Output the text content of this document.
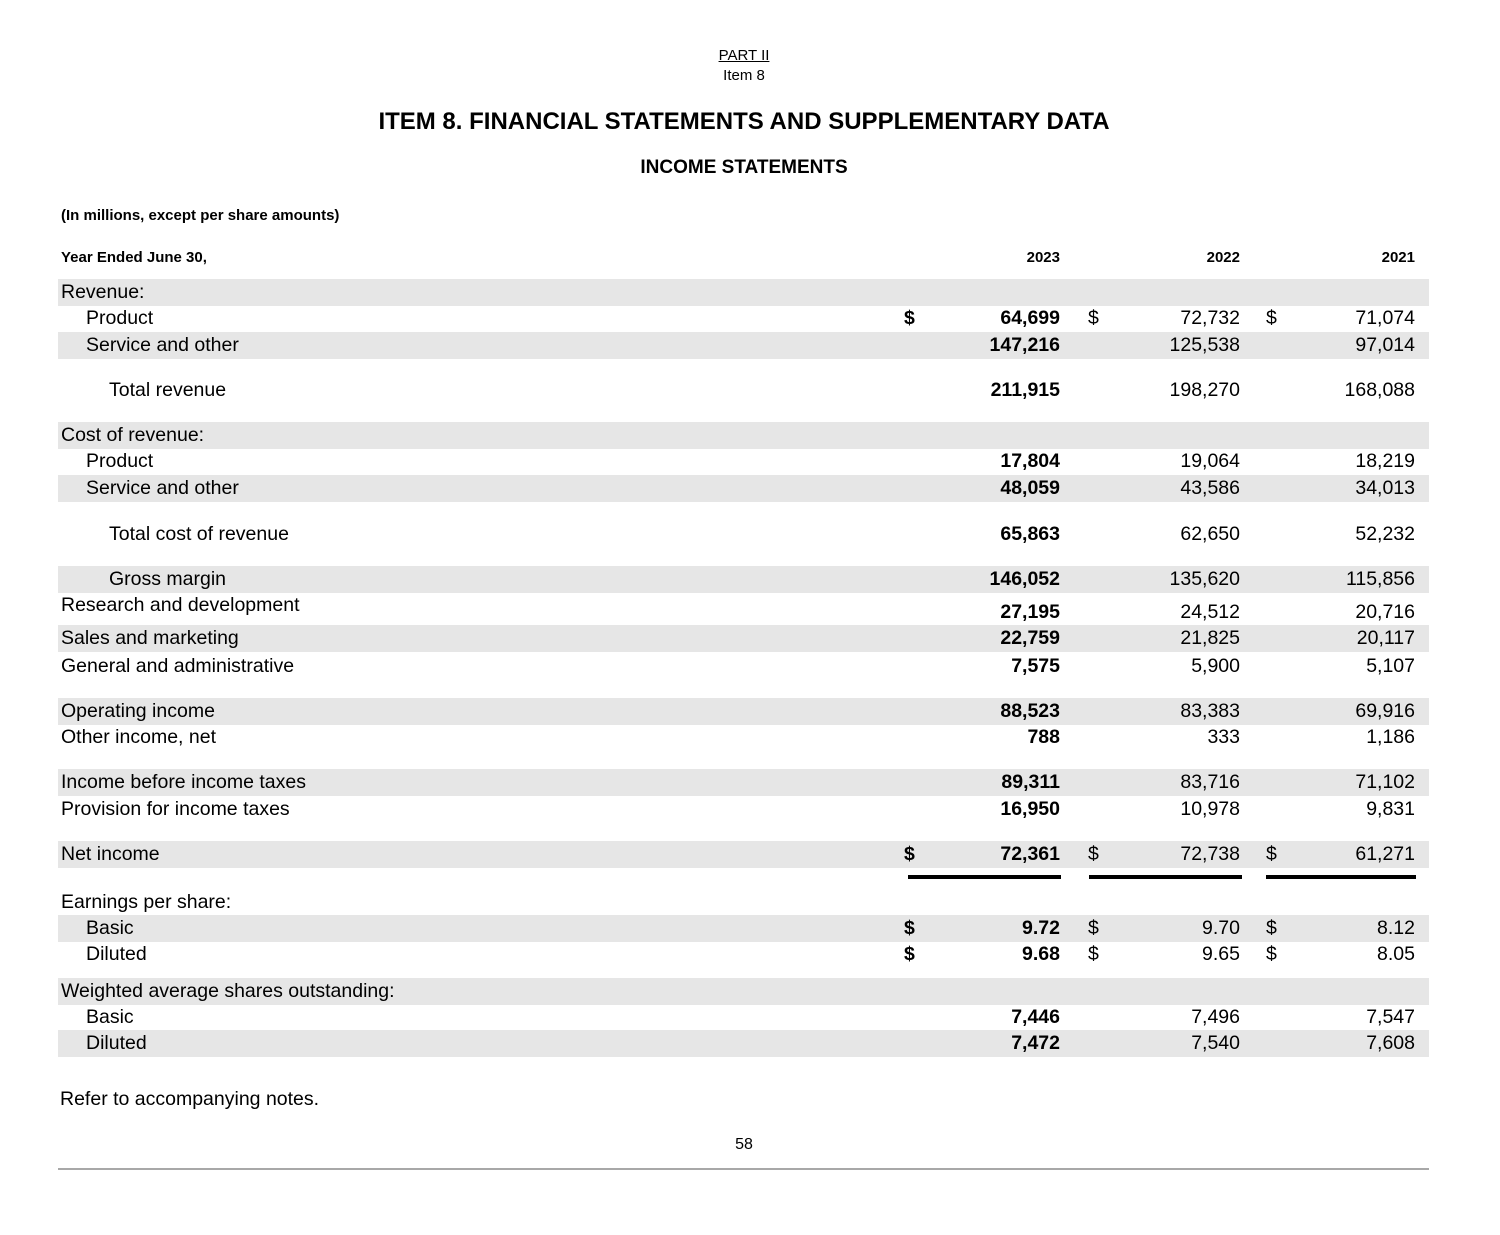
PART II
Item 8
ITEM 8. FINANCIAL STATEMENTS AND SUPPLEMENTARY DATA
INCOME STATEMENTS
(In millions, except per share amounts)
Year Ended June 30,	2023	2022	2021
Revenue:
Product	$	64,699 $	72,732 $	71,074
Service and other	147,216	125,538	97,014
Total revenue	211,915	198,270	168,088
Cost of revenue:
Product	17,804	19,064	18,219
Service and other	48,059	43,586	34,013
Total cost of revenue	65,863	62,650	52,232
Gross margin	146,052	135,620	115,856
Research and development	27,195	24,512	20,716
Sales and marketing	22,759	21,825	20,117
General and administrative	7,575	5,900	5,107
Operating income	88,523	83,383	69,916
Other income, net	788	333	1,186
Income before income taxes	89,311	83,716	71,102
Provision for income taxes	16,950	10,978	9,831
Net income	$	72,361 $	72,738 $	61,271
Earnings per share:
Basic	$	9.72 $	9.70 $	8.12
Diluted	$	9.68 $	9.65 $	8.05
Weighted average shares outstanding:
Basic	7,446	7,496	7,547
Diluted	7,472	7,540	7,608
Refer to accompanying notes.
58
